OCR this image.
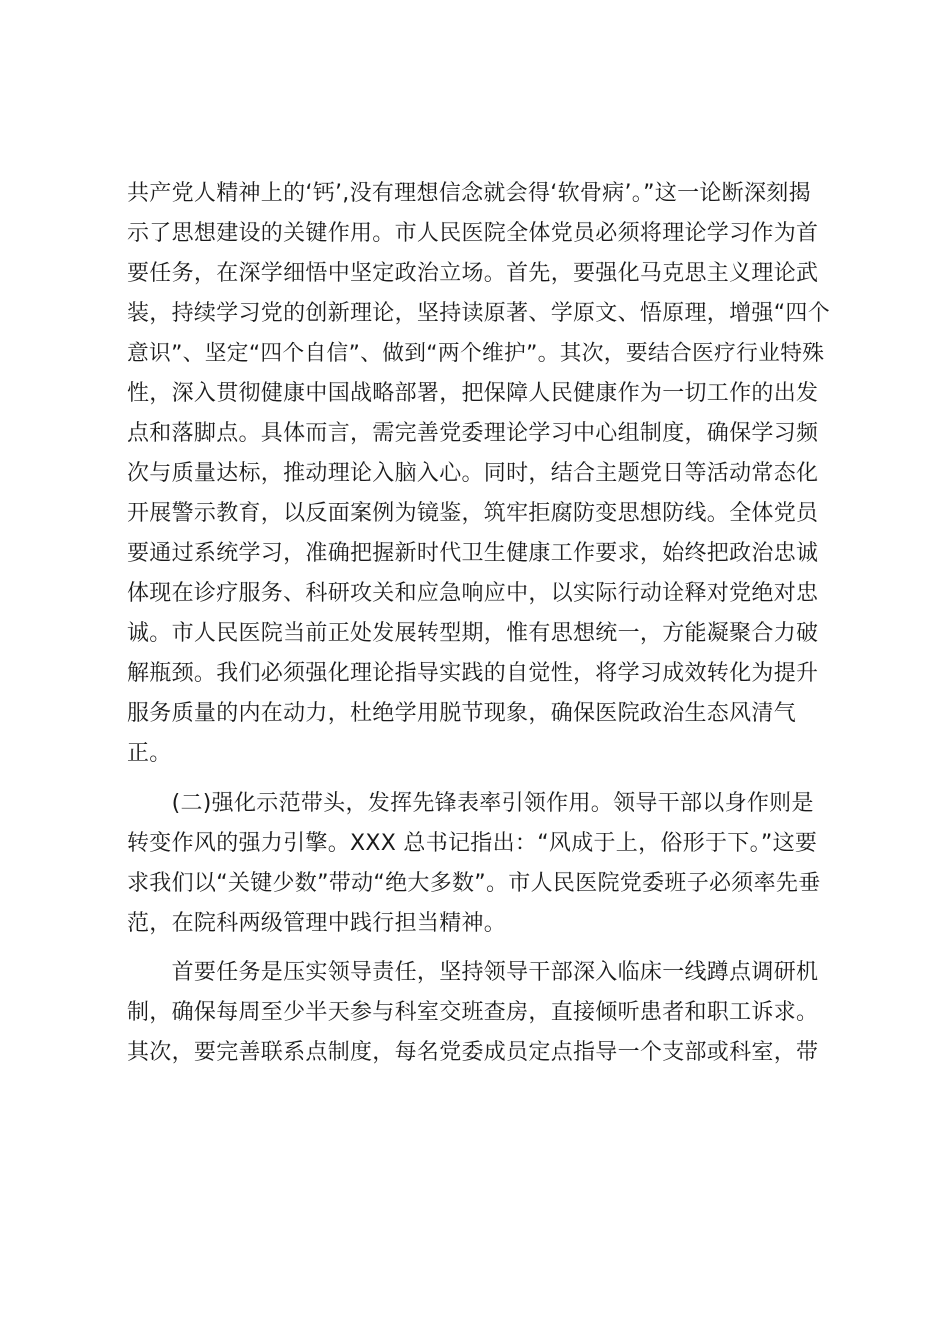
共产党人精神上的‘钙’,没有理想信念就会得‘软骨病’。”这一论断深刻揭
示了思想建设的关键作用。市人民医院全体党员必须将理论学习作为首
要任务，在深学细悟中坚定政治立场。首先，要强化马克思主义理论武
装，持续学习党的创新理论，坚持读原著、学原文、悟原理，增强“四个
意识”、坚定“四个自信”、做到“两个维护”。其次，要结合医疗行业特殊
性，深入贯彻健康中国战略部署，把保障人民健康作为一切工作的出发
点和落脚点。具体而言，需完善党委理论学习中心组制度，确保学习频
次与质量达标，推动理论入脑入心。同时，结合主题党日等活动常态化
开展警示教育，以反面案例为镜鉴，筑牢拒腐防变思想防线。全体党员
要通过系统学习，准确把握新时代卫生健康工作要求，始终把政治忠诚
体现在诊疗服务、科研攻关和应急响应中，以实际行动诠释对党绝对忠
诚。市人民医院当前正处发展转型期，惟有思想统一，方能凝聚合力破
解瓶颈。我们必须强化理论指导实践的自觉性，将学习成效转化为提升
服务质量的内在动力，杜绝学用脱节现象，确保医院政治生态风清气
正。
　　(二)强化示范带头，发挥先锋表率引领作用。领导干部以身作则是
转变作风的强力引擎。XXX 总书记指出：“风成于上，俗形于下。”这要
求我们以“关键少数”带动“绝大多数”。市人民医院党委班子必须率先垂
范，在院科两级管理中践行担当精神。
　　首要任务是压实领导责任，坚持领导干部深入临床一线蹲点调研机
制，确保每周至少半天参与科室交班查房，直接倾听患者和职工诉求。
其次，要完善联系点制度，每名党委成员定点指导一个支部或科室，带
